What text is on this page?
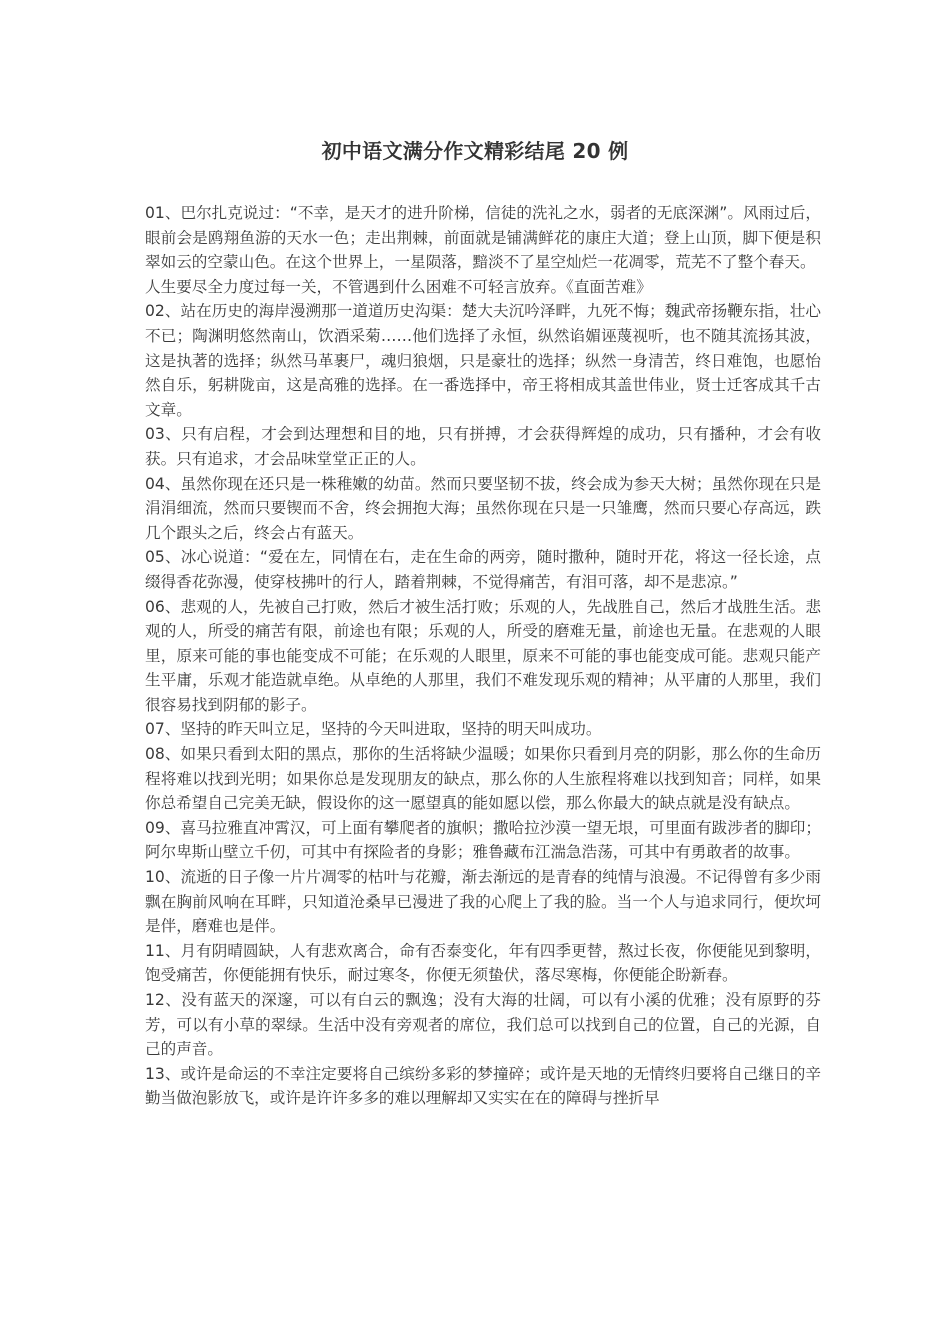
初中语文满分作文精彩结尾 20 例

01、巴尔扎克说过：“不幸，是天才的进升阶梯，信徒的洗礼之水，弱者的无底深渊”。风雨过后，眼前会是鸥翔鱼游的天水一色；走出荆棘，前面就是铺满鲜花的康庄大道；登上山顶，脚下便是积翠如云的空蒙山色。在这个世界上，一星陨落，黯淡不了星空灿烂一花凋零，荒芜不了整个春天。

人生要尽全力度过每一关，不管遇到什么困难不可轻言放弃。《直面苦难》

02、站在历史的海岸漫溯那一道道历史沟渠：楚大夫沉吟泽畔，九死不悔；魏武帝扬鞭东指，壮心不已；陶渊明悠然南山，饮酒采菊……他们选择了永恒，纵然谄媚诬蔑视听，也不随其流扬其波，这是执著的选择；纵然马革裹尸，魂归狼烟，只是豪壮的选择；纵然一身清苦，终日难饱，也愿怡然自乐，躬耕陇亩，这是高雅的选择。在一番选择中，帝王将相成其盖世伟业，贤士迁客成其千古文章。

03、只有启程，才会到达理想和目的地，只有拼搏，才会获得辉煌的成功，只有播种，才会有收获。只有追求，才会品味堂堂正正的人。

04、虽然你现在还只是一株稚嫩的幼苗。然而只要坚韧不拔，终会成为参天大树；虽然你现在只是涓涓细流，然而只要锲而不舍，终会拥抱大海；虽然你现在只是一只雏鹰，然而只要心存高远，跌几个跟头之后，终会占有蓝天。

05、冰心说道：“爱在左，同情在右，走在生命的两旁，随时撒种，随时开花，将这一径长途，点缀得香花弥漫，使穿枝拂叶的行人，踏着荆棘，不觉得痛苦，有泪可落，却不是悲凉。”

06、悲观的人，先被自己打败，然后才被生活打败；乐观的人，先战胜自己，然后才战胜生活。悲观的人，所受的痛苦有限，前途也有限；乐观的人，所受的磨难无量，前途也无量。在悲观的人眼里，原来可能的事也能变成不可能；在乐观的人眼里，原来不可能的事也能变成可能。悲观只能产生平庸，乐观才能造就卓绝。从卓绝的人那里，我们不难发现乐观的精神；从平庸的人那里，我们很容易找到阴郁的影子。

07、坚持的昨天叫立足，坚持的今天叫进取，坚持的明天叫成功。

08、如果只看到太阳的黑点，那你的生活将缺少温暖；如果你只看到月亮的阴影，那么你的生命历程将难以找到光明；如果你总是发现朋友的缺点，那么你的人生旅程将难以找到知音；同样，如果你总希望自己完美无缺，假设你的这一愿望真的能如愿以偿，那么你最大的缺点就是没有缺点。

09、喜马拉雅直冲霄汉，可上面有攀爬者的旗帜；撒哈拉沙漠一望无垠，可里面有跋涉者的脚印；阿尔卑斯山壁立千仞，可其中有探险者的身影；雅鲁藏布江湍急浩荡，可其中有勇敢者的故事。

10、流逝的日子像一片片凋零的枯叶与花瓣，渐去渐远的是青春的纯情与浪漫。不记得曾有多少雨飘在胸前风响在耳畔，只知道沧桑早已漫进了我的心爬上了我的脸。当一个人与追求同行，便坎坷是伴，磨难也是伴。

11、月有阴晴圆缺，人有悲欢离合，命有否泰变化，年有四季更替，熬过长夜，你便能见到黎明，饱受痛苦，你便能拥有快乐，耐过寒冬，你便无须蛰伏，落尽寒梅，你便能企盼新春。

12、没有蓝天的深邃，可以有白云的飘逸；没有大海的壮阔，可以有小溪的优雅；没有原野的芬芳，可以有小草的翠绿。生活中没有旁观者的席位，我们总可以找到自己的位置，自己的光源，自己的声音。

13、或许是命运的不幸注定要将自己缤纷多彩的梦撞碎；或许是天地的无情终归要将自己继日的辛勤当做泡影放飞，或许是许许多多的难以理解却又实实在在的障碍与挫折早
